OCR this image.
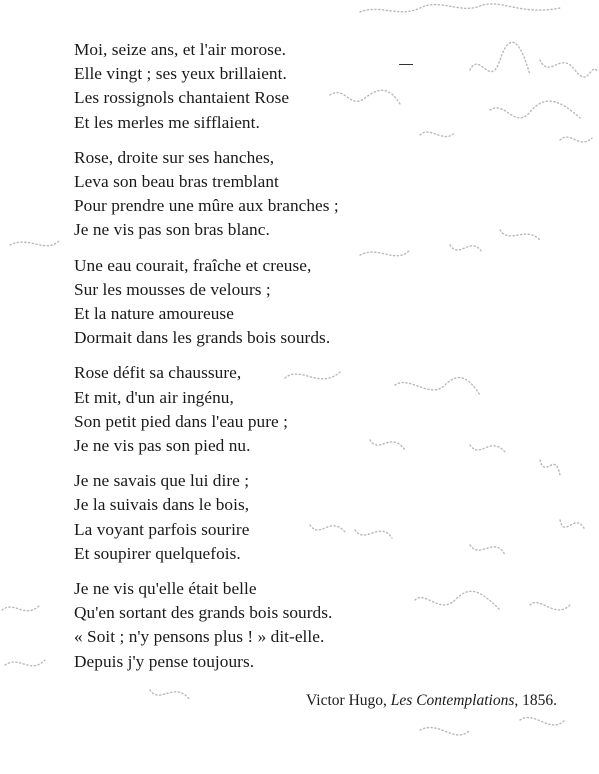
Moi, seize ans, et l'air morose.
Elle vingt ; ses yeux brillaient.
Les rossignols chantaient Rose
Et les merles me sifflaient.
Rose, droite sur ses hanches,
Leva son beau bras tremblant
Pour prendre une mûre aux branches ;
Je ne vis pas son bras blanc.
Une eau courait, fraîche et creuse,
Sur les mousses de velours ;
Et la nature amoureuse
Dormait dans les grands bois sourds.
Rose défit sa chaussure,
Et mit, d'un air ingénu,
Son petit pied dans l'eau pure ;
Je ne vis pas son pied nu.
Je ne savais que lui dire ;
Je la suivais dans le bois,
La voyant parfois sourire
Et soupirer quelquefois.
Je ne vis qu'elle était belle
Qu'en sortant des grands bois sourds.
« Soit ; n'y pensons plus ! » dit-elle.
Depuis j'y pense toujours.
Victor Hugo, Les Contemplations, 1856.
